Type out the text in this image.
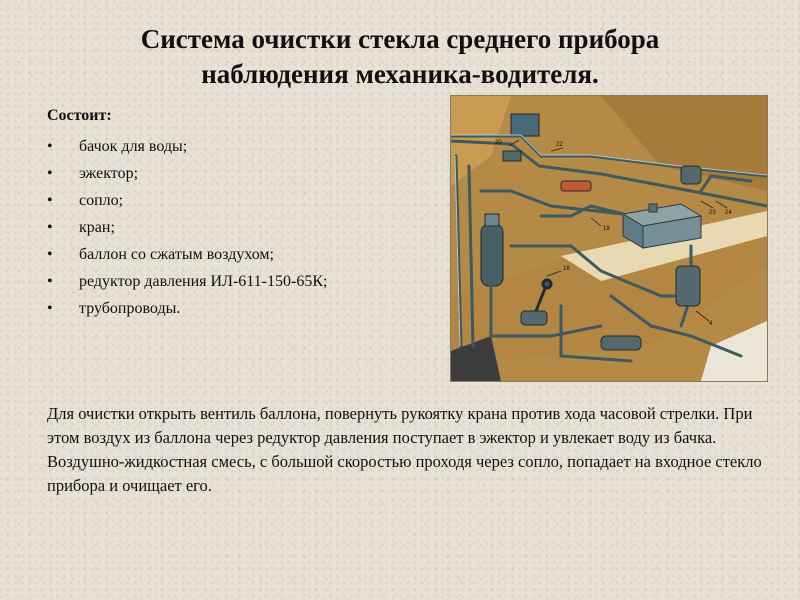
Система очистки стекла среднего прибора
наблюдения механика-водителя.
Состоит:
• бачок для воды;
• эжектор;
• сопло;
• кран;
• баллон со сжатым воздухом;
• редуктор давления ИЛ-611-150-65К;
• трубопроводы.
20	22
19
18
23 24
4

Для очистки открыть вентиль баллона, повернуть рукоятку крана против хода часовой стрелки. При этом воздух из баллона через редуктор давления поступает в эжектор и увлекает воду из бачка. Воздушно-жидкостная смесь, с большой скоростью проходя через сопло, попадает на входное стекло прибора и очищает его.
